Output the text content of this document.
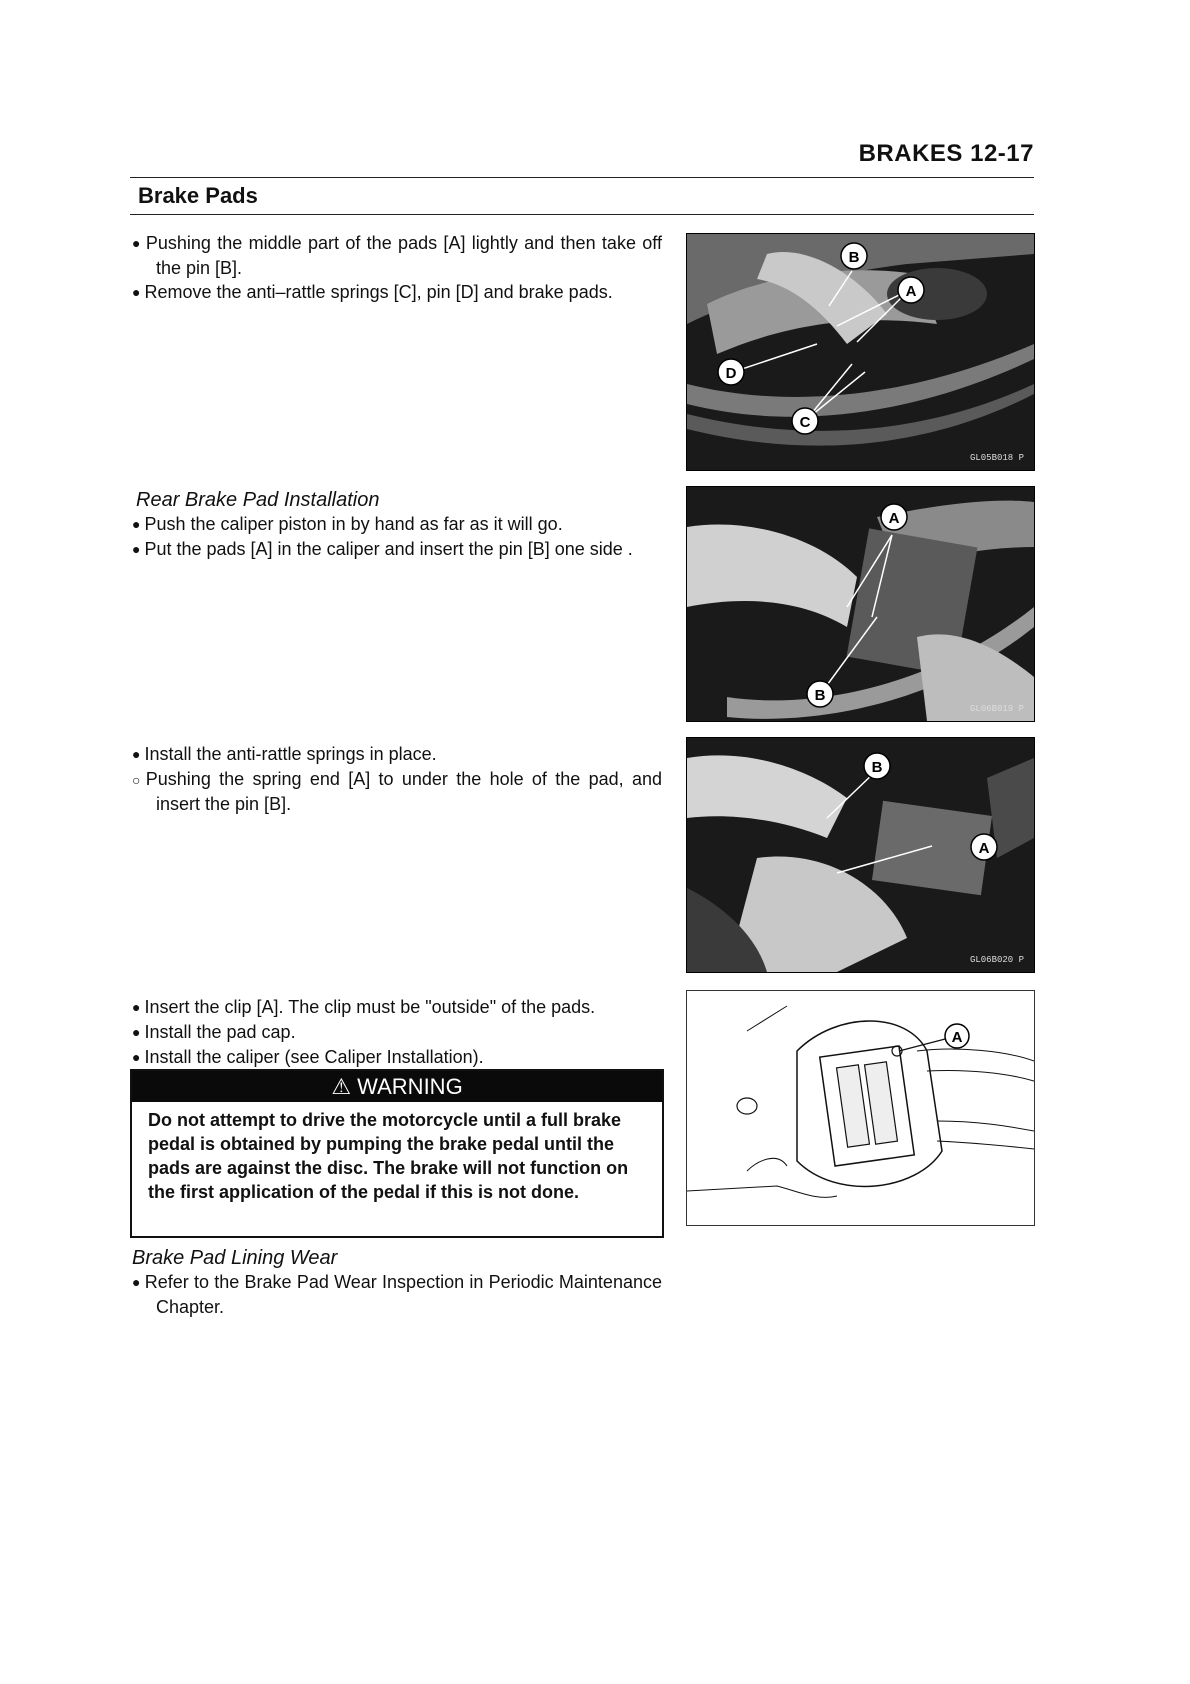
BRAKES 12-17
Brake Pads

● Pushing the middle part of the pads [A] lightly and then take off the pin [B].

● Remove the anti–rattle springs [C], pin [D] and brake pads.

B
A
D
C
GL05B018 P

Rear Brake Pad Installation

● Push the caliper piston in by hand as far as it will go.

● Put the pads [A] in the caliper and insert the pin [B] one side .

A
B
GL06B019 P

● Install the anti-rattle springs in place.

○ Pushing the spring end [A] to under the hole of the pad, and insert the pin [B].

B
A
GL06B020 P

● Insert the clip [A]. The clip must be "outside" of the pads.

● Install the pad cap.

● Install the caliper (see Caliper Installation).

⚠ WARNING
Do not attempt to drive the motorcycle until a full brake pedal is obtained by pumping the brake pedal until the pads are against the disc. The brake will not function on the first application of the pedal if this is not done.
A

Brake Pad Lining Wear

● Refer to the Brake Pad Wear Inspection in Periodic Maintenance Chapter.
